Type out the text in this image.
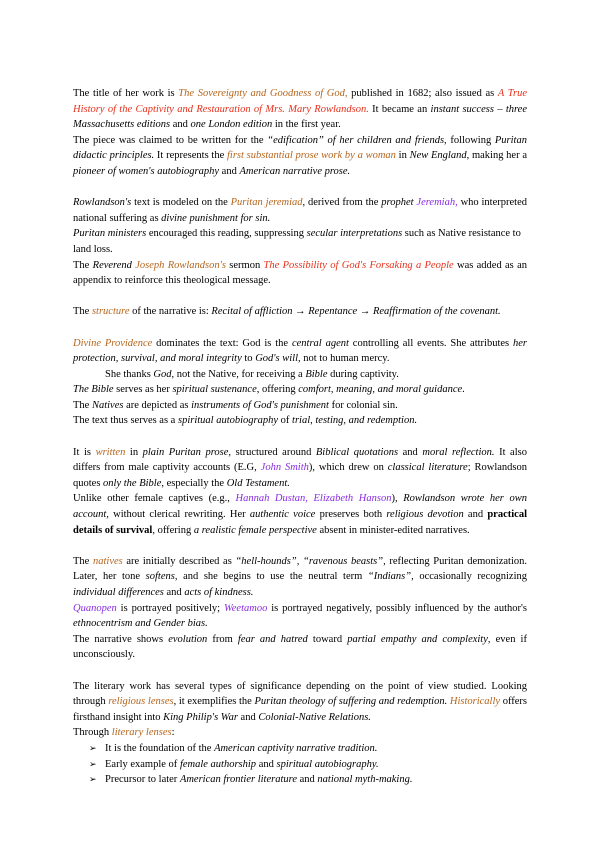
The title of her work is The Sovereignty and Goodness of God, published in 1682; also issued as A True History of the Captivity and Restauration of Mrs. Mary Rowlandson. It became an instant success – three Massachusetts editions and one London edition in the first year.

The piece was claimed to be written for the “edification” of her children and friends, following Puritan didactic principles. It represents the first substantial prose work by a woman in New England, making her a pioneer of women's autobiography and American narrative prose.

Rowlandson's text is modeled on the Puritan jeremiad, derived from the prophet Jeremiah, who interpreted national suffering as divine punishment for sin.

Puritan ministers encouraged this reading, suppressing secular interpretations such as Native resistance to land loss.

The Reverend Joseph Rowlandson's sermon The Possibility of God's Forsaking a People was added as an appendix to reinforce this theological message.

The structure of the narrative is: Recital of affliction → Repentance → Reaffirmation of the covenant.

Divine Providence dominates the text: God is the central agent controlling all events. She attributes her protection, survival, and moral integrity to God's will, not to human mercy.

She thanks God, not the Native, for receiving a Bible during captivity.

The Bible serves as her spiritual sustenance, offering comfort, meaning, and moral guidance.

The Natives are depicted as instruments of God's punishment for colonial sin.

The text thus serves as a spiritual autobiography of trial, testing, and redemption.

It is written in plain Puritan prose, structured around Biblical quotations and moral reflection. It also differs from male captivity accounts (E.G, John Smith), which drew on classical literature; Rowlandson quotes only the Bible, especially the Old Testament.

Unlike other female captives (e.g., Hannah Dustan, Elizabeth Hanson), Rowlandson wrote her own account, without clerical rewriting. Her authentic voice preserves both religious devotion and practical details of survival, offering a realistic female perspective absent in minister-edited narratives.

The natives are initially described as “hell-hounds”, “ravenous beasts”, reflecting Puritan demonization. Later, her tone softens, and she begins to use the neutral term “Indians”, occasionally recognizing individual differences and acts of kindness.

Quanopen is portrayed positively; Weetamoo is portrayed negatively, possibly influenced by the author's ethnocentrism and Gender bias.

The narrative shows evolution from fear and hatred toward partial empathy and complexity, even if unconsciously.

The literary work has several types of significance depending on the point of view studied. Looking through religious lenses, it exemplifies the Puritan theology of suffering and redemption. Historically offers firsthand insight into King Philip's War and Colonial-Native Relations.

Through literary lenses:

➢ It is the foundation of the American captivity narrative tradition.

➢ Early example of female authorship and spiritual autobiography.

➢ Precursor to later American frontier literature and national myth-making.
